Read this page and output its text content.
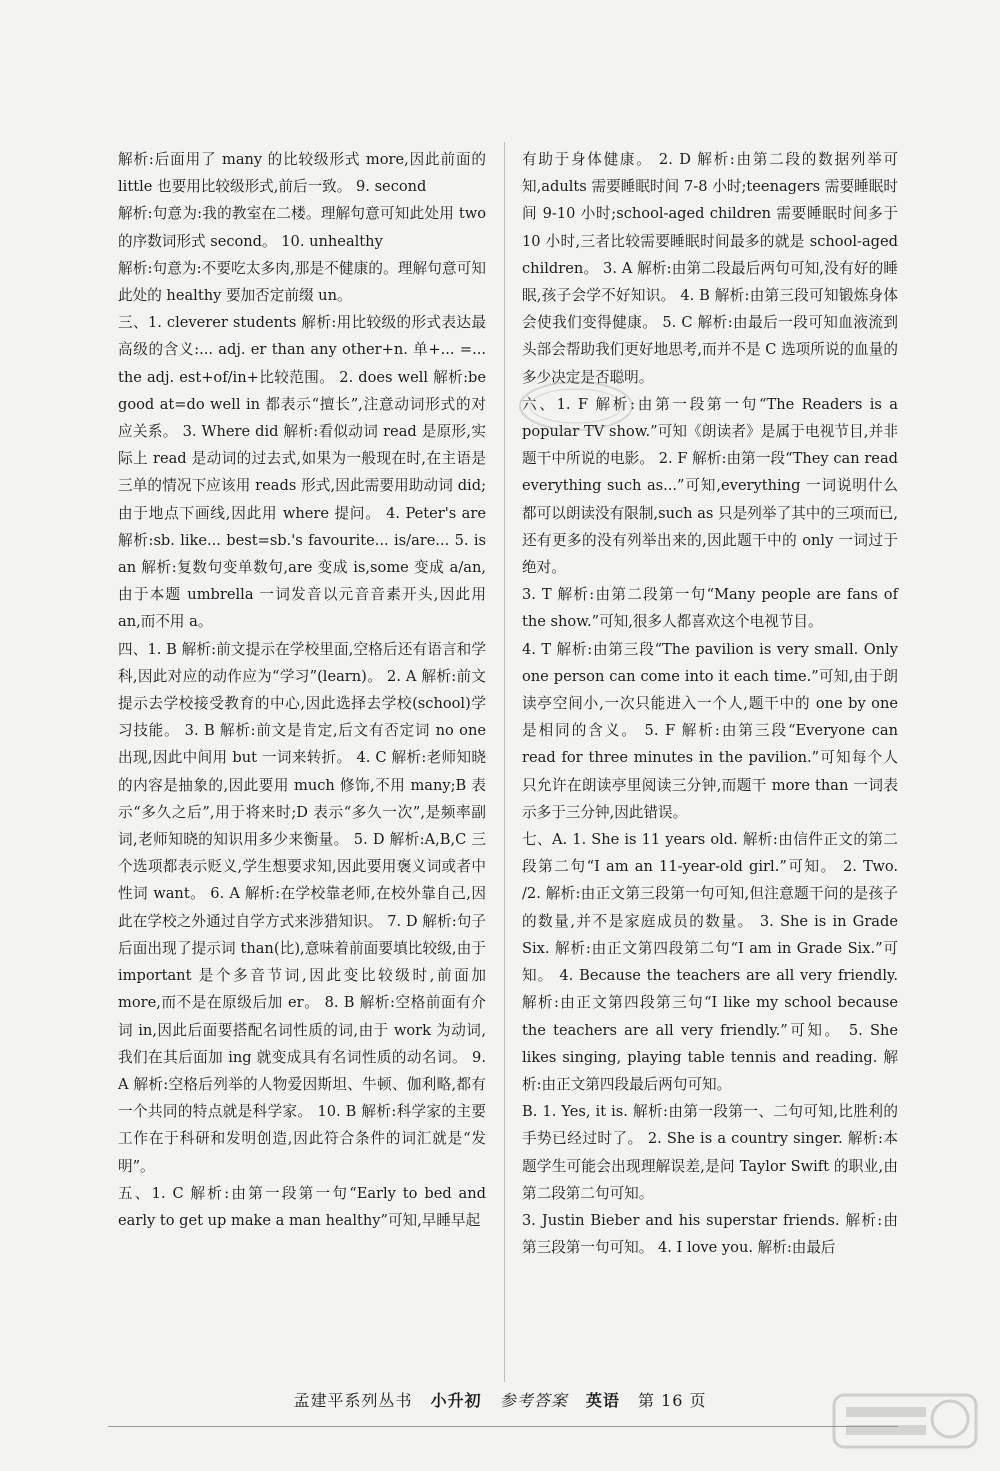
解析:后面用了 many 的比较级形式 more,因此前面的 little 也要用比较级形式,前后一致。 9. second

解析:句意为:我的教室在二楼。理解句意可知此处用 two 的序数词形式 second。 10. unhealthy

解析:句意为:不要吃太多肉,那是不健康的。理解句意可知此处的 healthy 要加否定前缀 un。

三、1. cleverer students 解析:用比较级的形式表达最高级的含义:... adj. er than any other+n. 单+... =... the adj. est+of/in+比较范围。 2. does well 解析:be good at=do well in 都表示“擅长”,注意动词形式的对应关系。 3. Where did 解析:看似动词 read 是原形,实际上 read 是动词的过去式,如果为一般现在时,在主语是三单的情况下应该用 reads 形式,因此需要用助动词 did;由于地点下画线,因此用 where 提问。 4. Peter's are 解析:sb. like... best=sb.'s favourite... is/are... 5. is an 解析:复数句变单数句,are 变成 is,some 变成 a/an,由于本题 umbrella 一词发音以元音音素开头,因此用 an,而不用 a。

四、1. B 解析:前文提示在学校里面,空格后还有语言和学科,因此对应的动作应为“学习”(learn)。 2. A 解析:前文提示去学校接受教育的中心,因此选择去学校(school)学习技能。 3. B 解析:前文是肯定,后文有否定词 no one 出现,因此中间用 but 一词来转折。 4. C 解析:老师知晓的内容是抽象的,因此要用 much 修饰,不用 many;B 表示“多久之后”,用于将来时;D 表示“多久一次”,是频率副词,老师知晓的知识用多少来衡量。 5. D 解析:A,B,C 三个选项都表示贬义,学生想要求知,因此要用褒义词或者中性词 want。 6. A 解析:在学校靠老师,在校外靠自己,因此在学校之外通过自学方式来涉猎知识。 7. D 解析:句子后面出现了提示词 than(比),意味着前面要填比较级,由于 important 是个多音节词,因此变比较级时,前面加 more,而不是在原级后加 er。 8. B 解析:空格前面有介词 in,因此后面要搭配名词性质的词,由于 work 为动词,我们在其后面加 ing 就变成具有名词性质的动名词。 9. A 解析:空格后列举的人物爱因斯坦、牛顿、伽利略,都有一个共同的特点就是科学家。 10. B 解析:科学家的主要工作在于科研和发明创造,因此符合条件的词汇就是“发明”。

五、1. C 解析:由第一段第一句“Early to bed and early to get up make a man healthy”可知,早睡早起

有助于身体健康。 2. D 解析:由第二段的数据列举可知,adults 需要睡眠时间 7-8 小时;teenagers 需要睡眠时间 9-10 小时;school-aged children 需要睡眠时间多于 10 小时,三者比较需要睡眠时间最多的就是 school-aged children。 3. A 解析:由第二段最后两句可知,没有好的睡眠,孩子会学不好知识。 4. B 解析:由第三段可知锻炼身体会使我们变得健康。 5. C 解析:由最后一段可知血液流到头部会帮助我们更好地思考,而并不是 C 选项所说的血量的多少决定是否聪明。

六、1. F 解析:由第一段第一句“The Readers is a popular TV show.”可知《朗读者》是属于电视节目,并非题干中所说的电影。 2. F 解析:由第一段“They can read everything such as...”可知,everything 一词说明什么都可以朗读没有限制,such as 只是列举了其中的三项而已,还有更多的没有列举出来的,因此题干中的 only 一词过于绝对。

3. T 解析:由第二段第一句“Many people are fans of the show.”可知,很多人都喜欢这个电视节目。

4. T 解析:由第三段“The pavilion is very small. Only one person can come into it each time.”可知,由于朗读亭空间小,一次只能进入一个人,题干中的 one by one 是相同的含义。 5. F 解析:由第三段“Everyone can read for three minutes in the pavilion.”可知每个人只允许在朗读亭里阅读三分钟,而题干 more than 一词表示多于三分钟,因此错误。

七、A. 1. She is 11 years old. 解析:由信件正文的第二段第二句“I am an 11-year-old girl.”可知。 2. Two. /2. 解析:由正文第三段第一句可知,但注意题干问的是孩子的数量,并不是家庭成员的数量。 3. She is in Grade Six. 解析:由正文第四段第二句“I am in Grade Six.”可知。 4. Because the teachers are all very friendly. 解析:由正文第四段第三句“I like my school because the teachers are all very friendly.”可知。 5. She likes singing, playing table tennis and reading. 解析:由正文第四段最后两句可知。

B. 1. Yes, it is. 解析:由第一段第一、二句可知,比胜利的手势已经过时了。 2. She is a country singer. 解析:本题学生可能会出现理解误差,是问 Taylor Swift 的职业,由第二段第二句可知。

3. Justin Bieber and his superstar friends. 解析:由第三段第一句可知。 4. I love you. 解析:由最后

孟建平系列丛书 小升初 参考答案 英语 第 16 页
